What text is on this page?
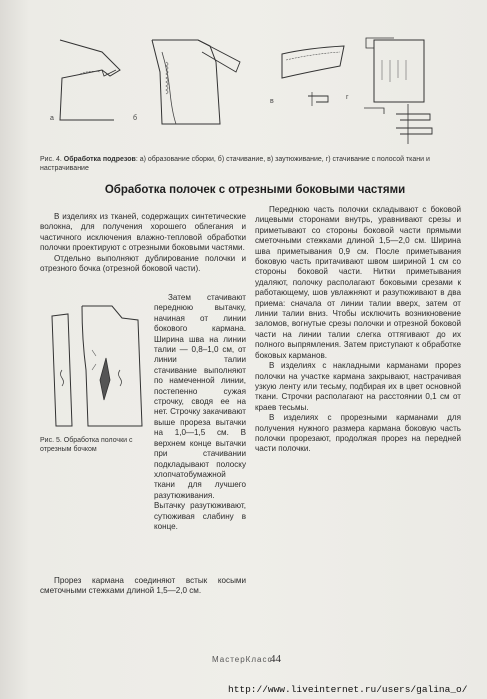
а	б
в
г
Рис. 4. Обработка подрезов: а) образование сборки, б) стачивание, в) заутюживание, г) стачивание с полосой ткани и настрачивание
Обработка полочек с отрезными боковыми частями

В изделиях из тканей, содержащих синтетические волокна, для получения хорошего облегания и частичного исключения влажно-тепловой обработки полочки проектируют с отрезными боковыми частями.

Отдельно выполняют дублирование полочки и отрезного бочка (отрезной боковой части).

Затем стачивают переднюю вытачку, начиная от линии бокового кармана. Ширина шва на линии талии — 0,8–1,0 см, от линии талии стачивание выполняют по намеченной линии, постепенно сужая строчку, сводя ее на нет. Строчку закачивают выше прореза вытачки на 1,0—1,5 см. В верхнем конце вытачки при стачивании подкладывают полоску хлопчатобумажной ткани для лучшего разутюживания. Вытачку разутюживают, сутюживая слабину в конце.

Рис. 5. Обработка полочки с отрезным бочком

Прорез кармана соединяют встык косыми сметочными стежками длиной 1,5—2,0 см.

Переднюю часть полочки складывают с боковой лицевыми сторонами внутрь, уравнивают срезы и приметывают со стороны боковой части прямыми сметочными стежками длиной 1,5—2,0 см. Ширина шва приметывания 0,9 см. После приметывания боковую часть притачивают швом шириной 1 см со стороны боковой части. Нитки приметывания удаляют, полочку располагают боковыми срезами к работающему, шов увлажняют и разутюживают в два приема: сначала от линии талии вверх, затем от линии талии вниз. Чтобы исключить возникновение заломов, вогнутые срезы полочки и отрезной боковой части на линии талии слегка оттягивают до их полного выпрямления. Затем приступают к обработке боковых карманов.

В изделиях с накладными карманами прорез полочки на участке кармана закрывают, настрачивая узкую ленту или тесьму, подбирая их в цвет основной ткани. Строчки располагают на расстоянии 0,1 см от краев тесьмы.

В изделиях с прорезными карманами для получения нужного размера кармана боковую часть полочки прорезают, продолжая прорез на передней части полочки.

МастерКласс
44
http://www.liveinternet.ru/users/galina_o/
